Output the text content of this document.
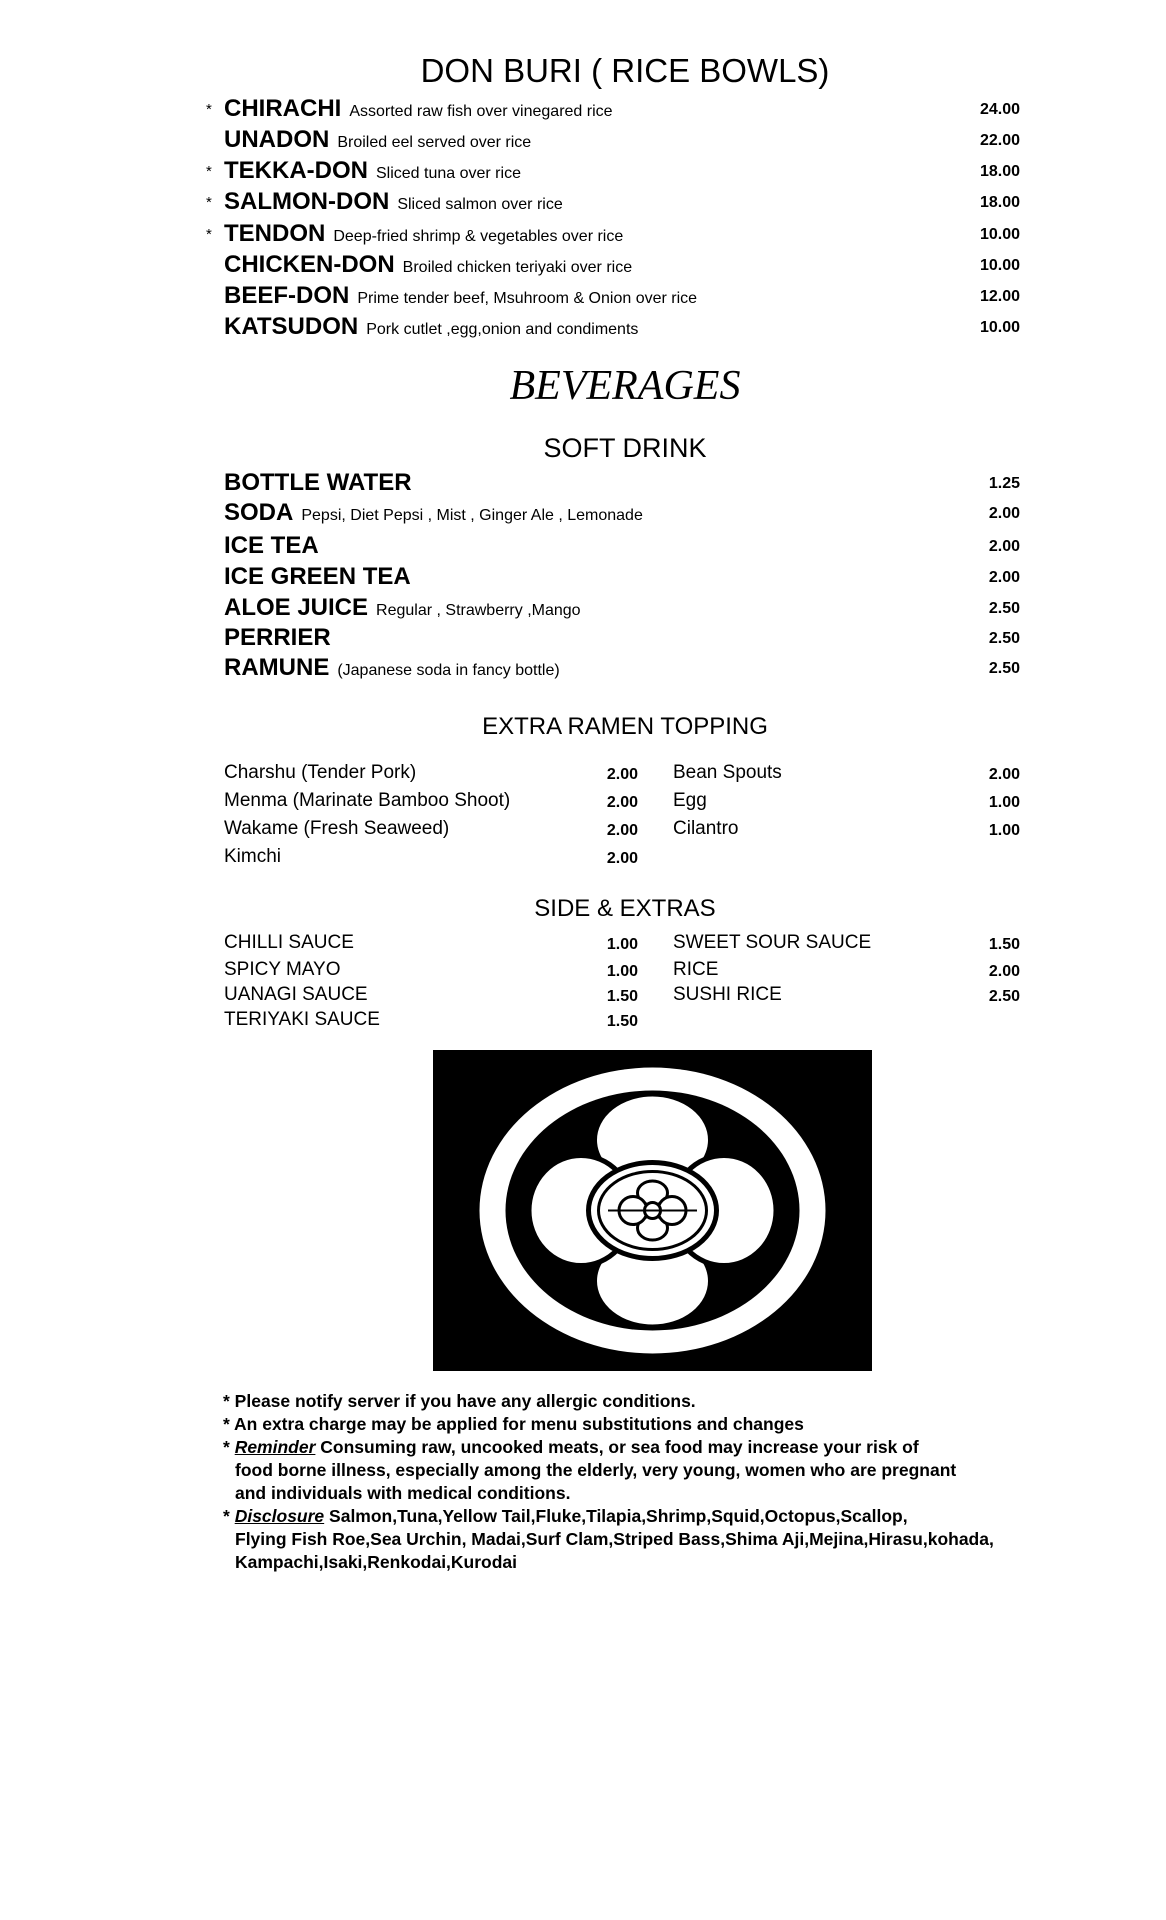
DON BURI ( RICE BOWLS)
* CHIRACHI Assorted raw fish over vinegared rice	24.00
UNADON Broiled eel served over rice	22.00
* TEKKA-DON Sliced tuna over rice	18.00
* SALMON-DON Sliced salmon over rice	18.00
* TENDON Deep-fried shrimp & vegetables over rice	10.00
CHICKEN-DON Broiled chicken teriyaki over rice	10.00
BEEF-DON Prime tender beef, Msuhroom & Onion over rice	12.00
KATSUDON Pork cutlet ,egg,onion and condiments	10.00
BEVERAGES
SOFT DRINK
BOTTLE WATER	1.25
SODA Pepsi, Diet Pepsi , Mist , Ginger Ale , Lemonade	2.00
ICE TEA	2.00
ICE GREEN TEA	2.00
ALOE JUICE Regular , Strawberry ,Mango	2.50
PERRIER	2.50
RAMUNE (Japanese soda in fancy bottle)	2.50
EXTRA RAMEN TOPPING
Charshu (Tender Pork)	2.00
Menma (Marinate Bamboo Shoot)	2.00
Wakame (Fresh Seaweed)	2.00
Kimchi	2.00
Bean Spouts	2.00
Egg	1.00
Cilantro	1.00
SIDE & EXTRAS
CHILLI SAUCE	1.00
SPICY MAYO	1.00
UANAGI SAUCE	1.50
TERIYAKI SAUCE	1.50
SWEET SOUR SAUCE	1.50
RICE	2.00
SUSHI RICE	2.50

* Please notify server if you have any allergic conditions.

* An extra charge may be applied for menu substitutions and changes

* Reminder Consuming raw, uncooked meats, or sea food may increase your risk of

food borne illness, especially among the elderly, very young, women who are pregnant

and individuals with medical conditions.

* Disclosure Salmon,Tuna,Yellow Tail,Fluke,Tilapia,Shrimp,Squid,Octopus,Scallop,

Flying Fish Roe,Sea Urchin, Madai,Surf Clam,Striped Bass,Shima Aji,Mejina,Hirasu,kohada,

Kampachi,Isaki,Renkodai,Kurodai
